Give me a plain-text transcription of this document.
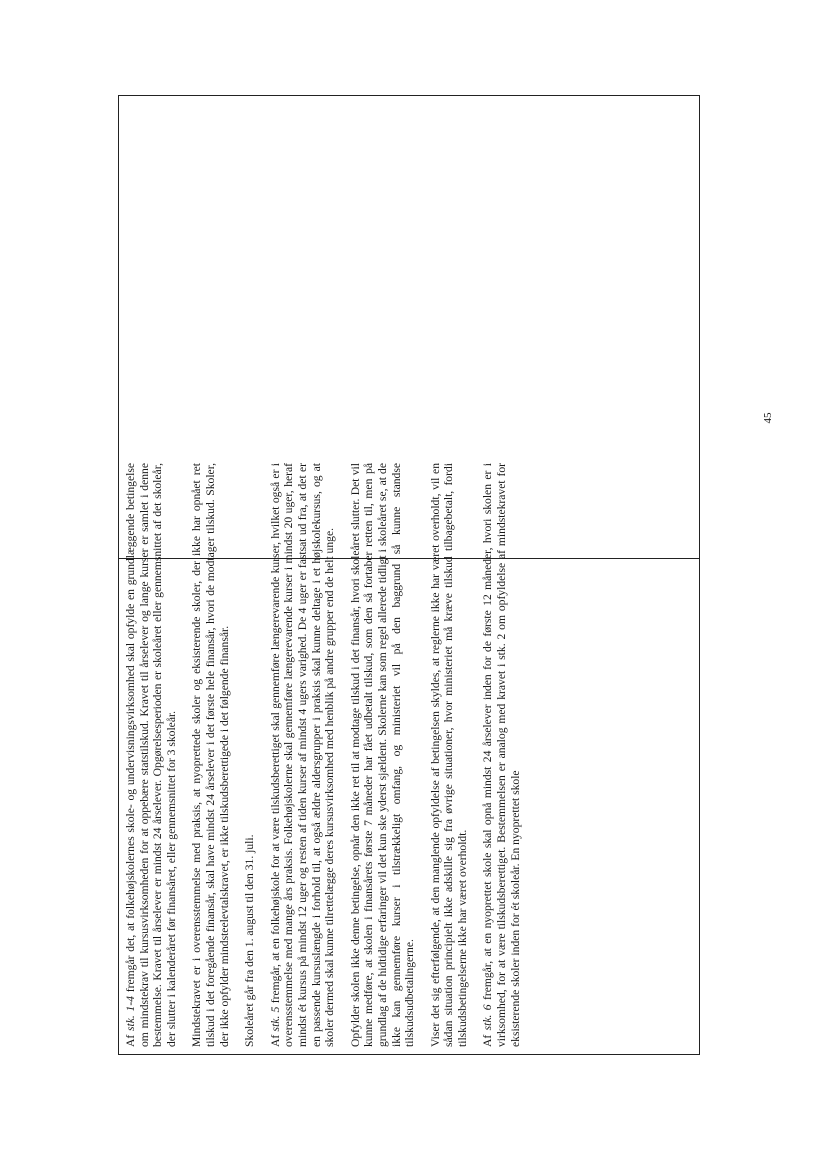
Af stk. 1-4 fremgår det, at folkehøjskolernes skole- og undervisningsvirksomhed skal opfylde en grundlæggende betingelse om mindstekrav til kursusvirksomheden for at oppebære statstilskud. Kravet til årselever og lange kurser er samlet i denne bestemmelse. Kravet til årselever er mindst 24 årselever. Opgørelsesperioden er skoleåret eller gennemsnittet af det skoleår, der slutter i kalenderåret før finansåret, eller gennemsnittet for 3 skoleår. Mindstekravet er i overensstemmelse med praksis, at nyoprettede skoler og eksisterende skoler, der ikke har opnået ret tilskud i det foregående finansår, skal have mindst 24 årselever i det første hele finansår, hvori de modtager tilskud. Skoler, der ikke opfylder mindsteelevtalskravet, er ikke tilskudsberettigede i det følgende finansår. Skoleåret går fra den 1. august til den 31. juli. Af stk. 5 fremgår, at en folkehøjskole for at være tilskudsberettiget skal gennemføre længerevarende kurser, hvilket også er i overensstemmelse med mange års praksis. Folkehøjskolerne skal gennemføre længerevarende kurser i mindst 20 uger, heraf mindst ét kursus på mindst 12 uger og resten af tiden kurser af mindst 4 ugers varighed. De 4 uger er fastsat ud fra, at det er en passende kursuslængde i forhold til, at også ældre aldersgrupper i praksis skal kunne deltage i et højskolekursus, og at skoler dermed skal kunne tilrettelægge deres kursusvirksomhed med henblik på andre grupper end de helt unge. Opfylder skolen ikke denne betingelse, opnår den ikke ret til at modtage tilskud i det finansår, hvori skoleåret slutter. Det vil kunne medføre, at skolen i finansårets første 7 måneder har fået udbetalt tilskud, som den så fortaber retten til, men på grundlag af de hidtidige erfaringer vil det kun ske yderst sjældent. Skolerne kan som regel allerede tidligt i skoleåret se, at de ikke kan gennemføre kurser i tilstrækkeligt omfang, og ministeriet vil på den baggrund så kunne standse tilskudsudbetalingerne. Viser det sig efterfølgende, at den manglende opfyldelse af betingelsen skyldes, at reglerne ikke har været overholdt, vil en sådan situation principielt ikke adskille sig fra øvrige situationer, hvor ministeriet må kræve tilskud tilbagebetalt, fordi tilskudsbetingelserne ikke har været overholdt. Af stk. 6 fremgår, at en nyoprettet skole skal opnå mindst 24 årselever inden for de første 12 måneder, hvori skolen er i virksomhed, for at være tilskudsberettiget. Bestemmelsen er analog med kravet i stk. 2 om opfyldelse af mindstekravet for eksisterende skoler inden for ét skoleår. En nyoprettet skole

45
